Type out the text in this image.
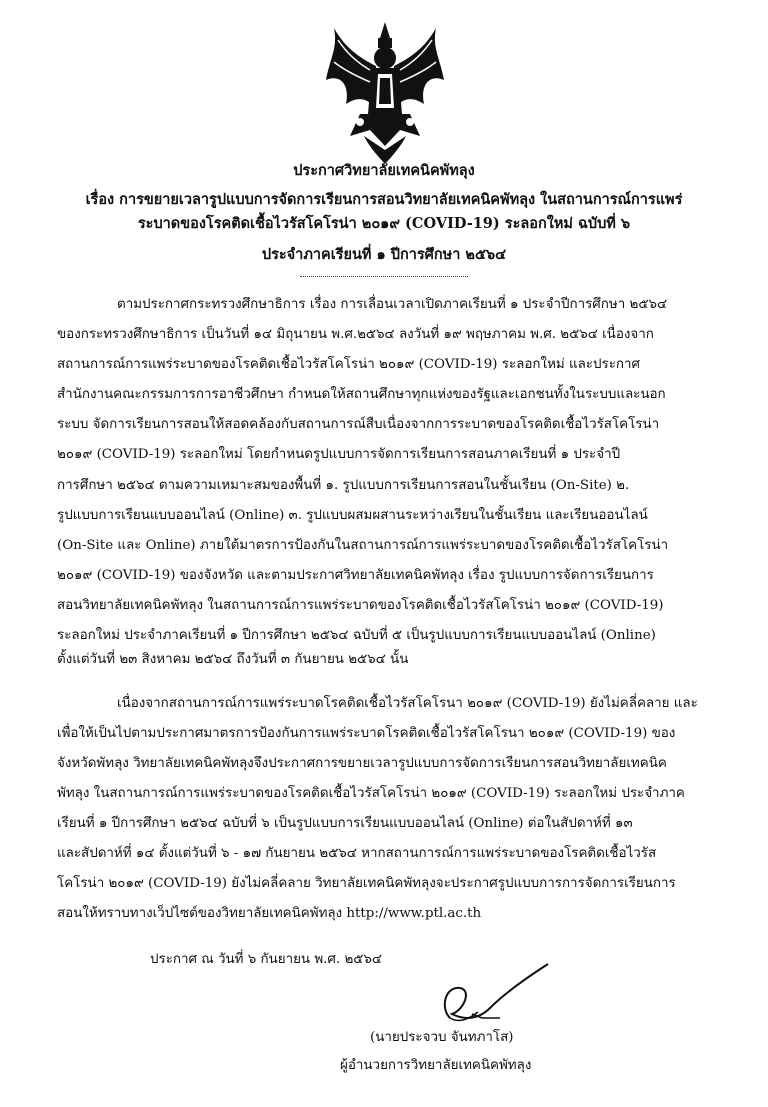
ประกาศวิทยาลัยเทคนิคพัทลุง
เรื่อง การขยายเวลารูปแบบการจัดการเรียนการสอนวิทยาลัยเทคนิคพัทลุง ในสถานการณ์การแพร่
ระบาดของโรคติดเชื้อไวรัสโคโรน่า ๒๐๑๙ (COVID-19) ระลอกใหม่ ฉบับที่ ๖
ประจำภาคเรียนที่ ๑ ปีการศึกษา ๒๕๖๔
ตามประกาศกระทรวงศึกษาธิการ เรื่อง การเลื่อนเวลาเปิดภาคเรียนที่ ๑ ประจำปีการศึกษา ๒๕๖๔
ของกระทรวงศึกษาธิการ เป็นวันที่ ๑๔ มิถุนายน พ.ศ.๒๕๖๔ ลงวันที่ ๑๙ พฤษภาคม พ.ศ. ๒๕๖๔ เนื่องจาก
สถานการณ์การแพร่ระบาดของโรคติดเชื้อไวรัสโคโรน่า ๒๐๑๙ (COVID-19) ระลอกใหม่ และประกาศ
สำนักงานคณะกรรมการการอาชีวศึกษา กำหนดให้สถานศึกษาทุกแห่งของรัฐและเอกชนทั้งในระบบและนอก
ระบบ จัดการเรียนการสอนให้สอดคล้องกับสถานการณ์สืบเนื่องจากการระบาดของโรคติดเชื้อไวรัสโคโรน่า
๒๐๑๙ (COVID-19) ระลอกใหม่ โดยกำหนดรูปแบบการจัดการเรียนการสอนภาคเรียนที่ ๑ ประจำปี
การศึกษา ๒๕๖๔ ตามความเหมาะสมของพื้นที่ ๑. รูปแบบการเรียนการสอนในชั้นเรียน (On-Site) ๒.
รูปแบบการเรียนแบบออนไลน์ (Online) ๓. รูปแบบผสมผสานระหว่างเรียนในชั้นเรียน และเรียนออนไลน์
(On-Site และ Online) ภายใต้มาตรการป้องกันในสถานการณ์การแพร่ระบาดของโรคติดเชื้อไวรัสโคโรน่า
๒๐๑๙ (COVID-19) ของจังหวัด และตามประกาศวิทยาลัยเทคนิคพัทลุง เรื่อง รูปแบบการจัดการเรียนการ
สอนวิทยาลัยเทคนิคพัทลุง ในสถานการณ์การแพร่ระบาดของโรคติดเชื้อไวรัสโคโรน่า ๒๐๑๙ (COVID-19)
ระลอกใหม่ ประจำภาคเรียนที่ ๑ ปีการศึกษา ๒๕๖๔ ฉบับที่ ๕ เป็นรูปแบบการเรียนแบบออนไลน์ (Online)
ตั้งแต่วันที่ ๒๓ สิงหาคม ๒๕๖๔ ถึงวันที่ ๓ กันยายน ๒๕๖๔ นั้น
เนื่องจากสถานการณ์การแพร่ระบาดโรคติดเชื้อไวรัสโคโรนา ๒๐๑๙ (COVID-19) ยังไม่คลี่คลาย และ
เพื่อให้เป็นไปตามประกาศมาตรการป้องกันการแพร่ระบาดโรคติดเชื้อไวรัสโคโรนา ๒๐๑๙ (COVID-19) ของ
จังหวัดพัทลุง วิทยาลัยเทคนิคพัทลุงจึงประกาศการขยายเวลารูปแบบการจัดการเรียนการสอนวิทยาลัยเทคนิค
พัทลุง ในสถานการณ์การแพร่ระบาดของโรคติดเชื้อไวรัสโคโรน่า ๒๐๑๙ (COVID-19) ระลอกใหม่ ประจำภาค
เรียนที่ ๑ ปีการศึกษา ๒๕๖๔ ฉบับที่ ๖ เป็นรูปแบบการเรียนแบบออนไลน์ (Online) ต่อในสัปดาห์ที่ ๑๓
และสัปดาห์ที่ ๑๔ ตั้งแต่วันที่ ๖ - ๑๗ กันยายน ๒๕๖๔ หากสถานการณ์การแพร่ระบาดของโรคติดเชื้อไวรัส
โคโรน่า ๒๐๑๙ (COVID-19) ยังไม่คลี่คลาย วิทยาลัยเทคนิคพัทลุงจะประกาศรูปแบบการการจัดการเรียนการ
สอนให้ทราบทางเว็ปไซต์ของวิทยาลัยเทคนิคพัทลุง http://www.ptl.ac.th
ประกาศ ณ วันที่ ๖ กันยายน พ.ศ. ๒๕๖๔
(นายประจวบ จันทภาโส)
ผู้อำนวยการวิทยาลัยเทคนิคพัทลุง
